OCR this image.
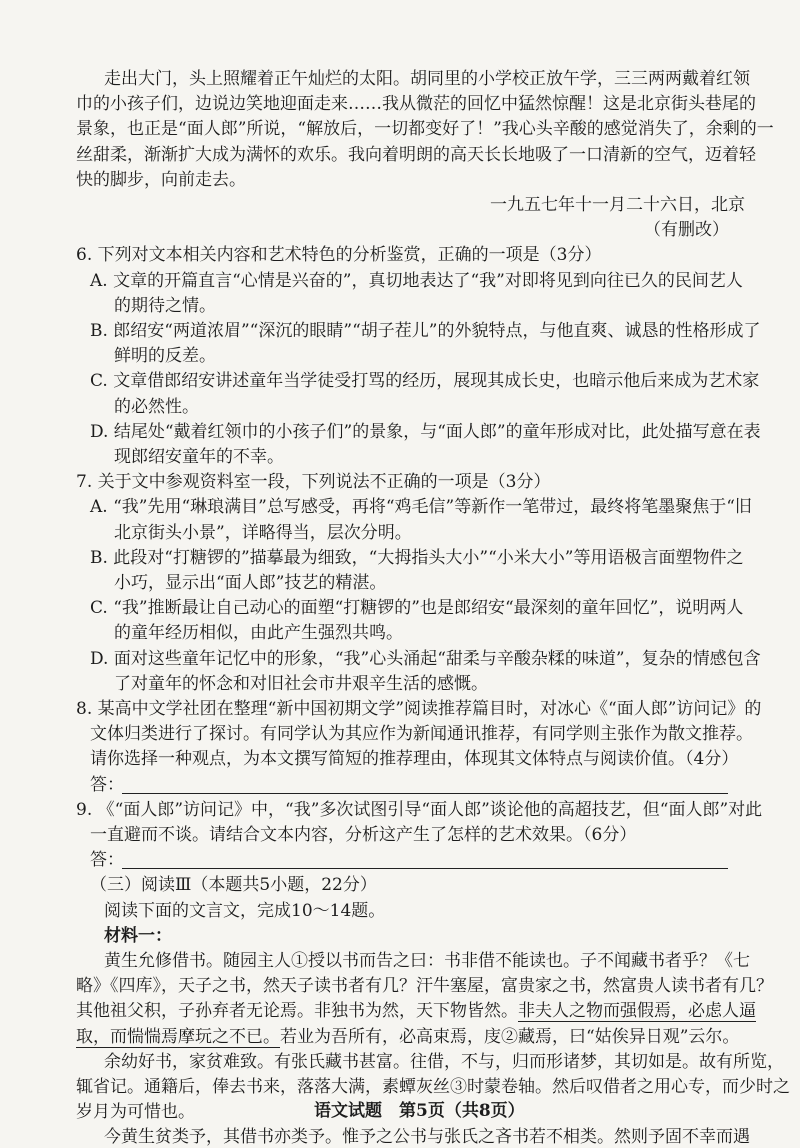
走出大门，头上照耀着正午灿烂的太阳。胡同里的小学校正放午学，三三两两戴着红领
巾的小孩子们，边说边笑地迎面走来……我从微茫的回忆中猛然惊醒！这是北京街头巷尾的
景象，也正是“面人郎”所说，“解放后，一切都变好了！”我心头辛酸的感觉消失了，余剩的一
丝甜柔，渐渐扩大成为满怀的欢乐。我向着明朗的高天长长地吸了一口清新的空气，迈着轻
快的脚步，向前走去。
一九五七年十一月二十六日，北京
（有删改）
6. 下列对文本相关内容和艺术特色的分析鉴赏，正确的一项是（3分）
A. 文章的开篇直言“心情是兴奋的”，真切地表达了“我”对即将见到向往已久的民间艺人
的期待之情。
B. 郎绍安“两道浓眉”“深沉的眼睛”“胡子茬儿”的外貌特点，与他直爽、诚恳的性格形成了
鲜明的反差。
C. 文章借郎绍安讲述童年当学徒受打骂的经历，展现其成长史，也暗示他后来成为艺术家
的必然性。
D. 结尾处“戴着红领巾的小孩子们”的景象，与“面人郎”的童年形成对比，此处描写意在表
现郎绍安童年的不幸。
7. 关于文中参观资料室一段，下列说法不正确的一项是（3分）
A. “我”先用“琳琅满目”总写感受，再将“鸡毛信”等新作一笔带过，最终将笔墨聚焦于“旧
北京街头小景”，详略得当，层次分明。
B. 此段对“打糖锣的”描摹最为细致，“大拇指头大小”“小米大小”等用语极言面塑物件之
小巧，显示出“面人郎”技艺的精湛。
C. “我”推断最让自己动心的面塑“打糖锣的”也是郎绍安“最深刻的童年回忆”，说明两人
的童年经历相似，由此产生强烈共鸣。
D. 面对这些童年记忆中的形象，“我”心头涌起“甜柔与辛酸杂糅的味道”，复杂的情感包含
了对童年的怀念和对旧社会市井艰辛生活的感慨。
8. 某高中文学社团在整理“新中国初期文学”阅读推荐篇目时，对冰心《“面人郎”访问记》的
文体归类进行了探讨。有同学认为其应作为新闻通讯推荐，有同学则主张作为散文推荐。
请你选择一种观点，为本文撰写简短的推荐理由，体现其文体特点与阅读价值。（4分）
答：
9. 《“面人郎”访问记》中，“我”多次试图引导“面人郎”谈论他的高超技艺，但“面人郎”对此
一直避而不谈。请结合文本内容，分析这产生了怎样的艺术效果。（6分）
答：
（三）阅读Ⅲ（本题共5小题，22分）
阅读下面的文言文，完成10～14题。
材料一：
黄生允修借书。随园主人①授以书而告之曰：书非借不能读也。子不闻藏书者乎？《七
略》《四库》，天子之书，然天子读书者有几？汗牛塞屋，富贵家之书，然富贵人读书者有几？
其他祖父积，子孙弃者无论焉。非独书为然，天下物皆然。非夫人之物而强假焉，必虑人逼
取，而惴惴焉摩玩之不已。若业为吾所有，必高束焉，庋②藏焉，曰“姑俟异日观”云尔。
余幼好书，家贫难致。有张氏藏书甚富。往借，不与，归而形诸梦，其切如是。故有所览，
辄省记。通籍后，俸去书来，落落大满，素蟫灰丝③时蒙卷轴。然后叹借者之用心专，而少时之
岁月为可惜也。
今黄生贫类予，其借书亦类予。惟予之公书与张氏之吝书若不相类。然则予固不幸而遇
语文试题　第5页（共8页）
